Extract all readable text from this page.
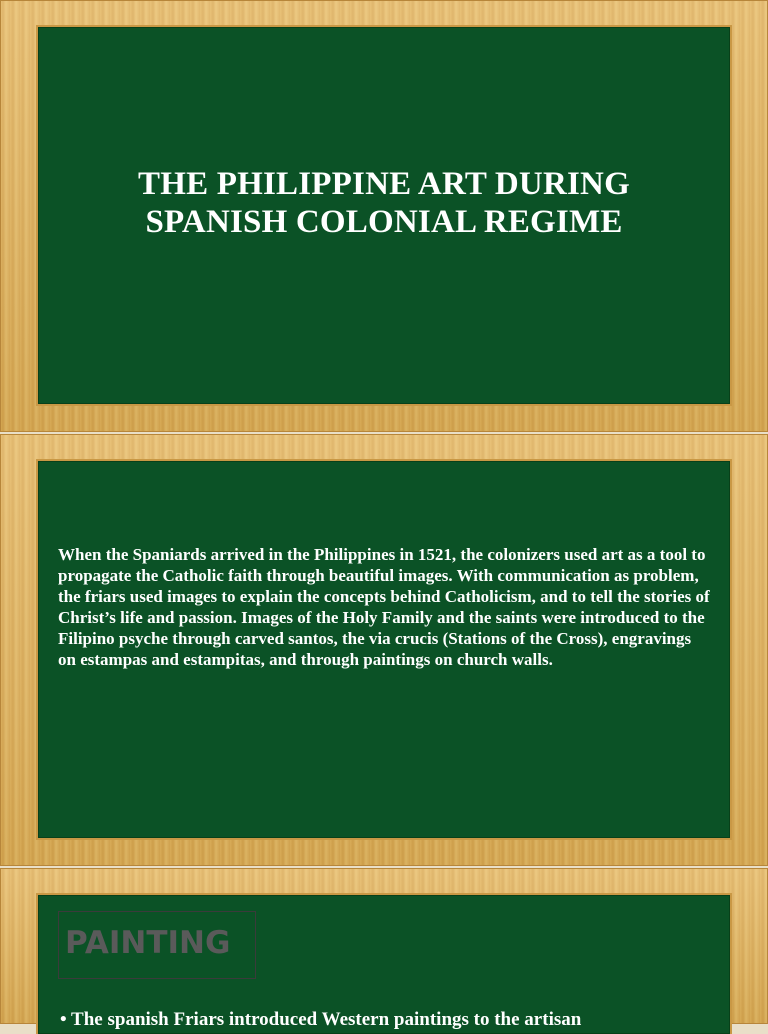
THE PHILIPPINE ART DURING
SPANISH COLONIAL REGIME
When the Spaniards arrived in the Philippines in 1521, the colonizers used art as a tool to propagate the Catholic faith through beautiful images. With communication as problem, the friars used images to explain the concepts behind Catholicism, and to tell the stories of Christ’s life and passion. Images of the Holy Family and the saints were introduced to the Filipino psyche through carved santos, the via crucis (Stations of the Cross), engravings on estampas and estampitas, and through paintings on church walls.
PAINTING
• The spanish Friars introduced Western paintings to the artisan
